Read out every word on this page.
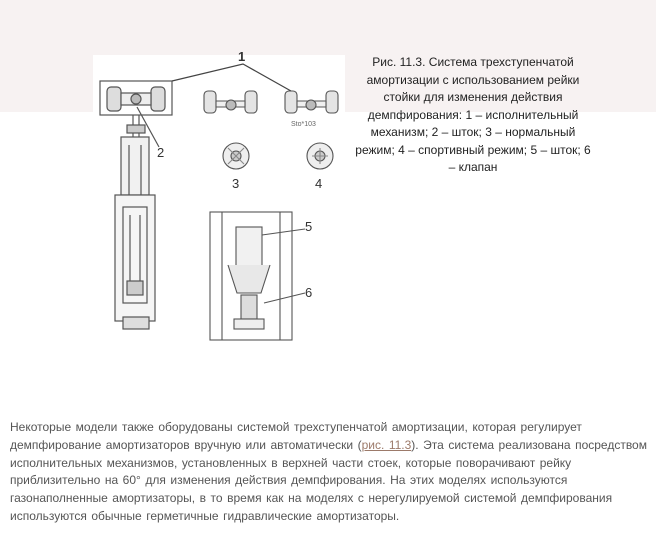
1
2
3	4
5
6
Sto*103
Рис. 11.3. Система трехступенчатой амортизации с использованием рейки стойки для изменения действия демпфирования: 1 – исполнительный механизм; 2 – шток; 3 – нормальный режим; 4 – спортивный режим; 5 – шток; 6 – клапан

Некоторые модели также оборудованы системой трехступенчатой амортизации, которая регулирует демпфирование амортизаторов вручную или автоматически (рис. 11.3). Эта система реализована посредством исполнительных механизмов, установленных в верхней части стоек, которые поворачивают рейку приблизительно на 60° для изменения действия демпфирования. На этих моделях используются газонаполненные амортизаторы, в то время как на моделях с нерегулируемой системой демпфирования используются обычные герметичные гидравлические амортизаторы.
